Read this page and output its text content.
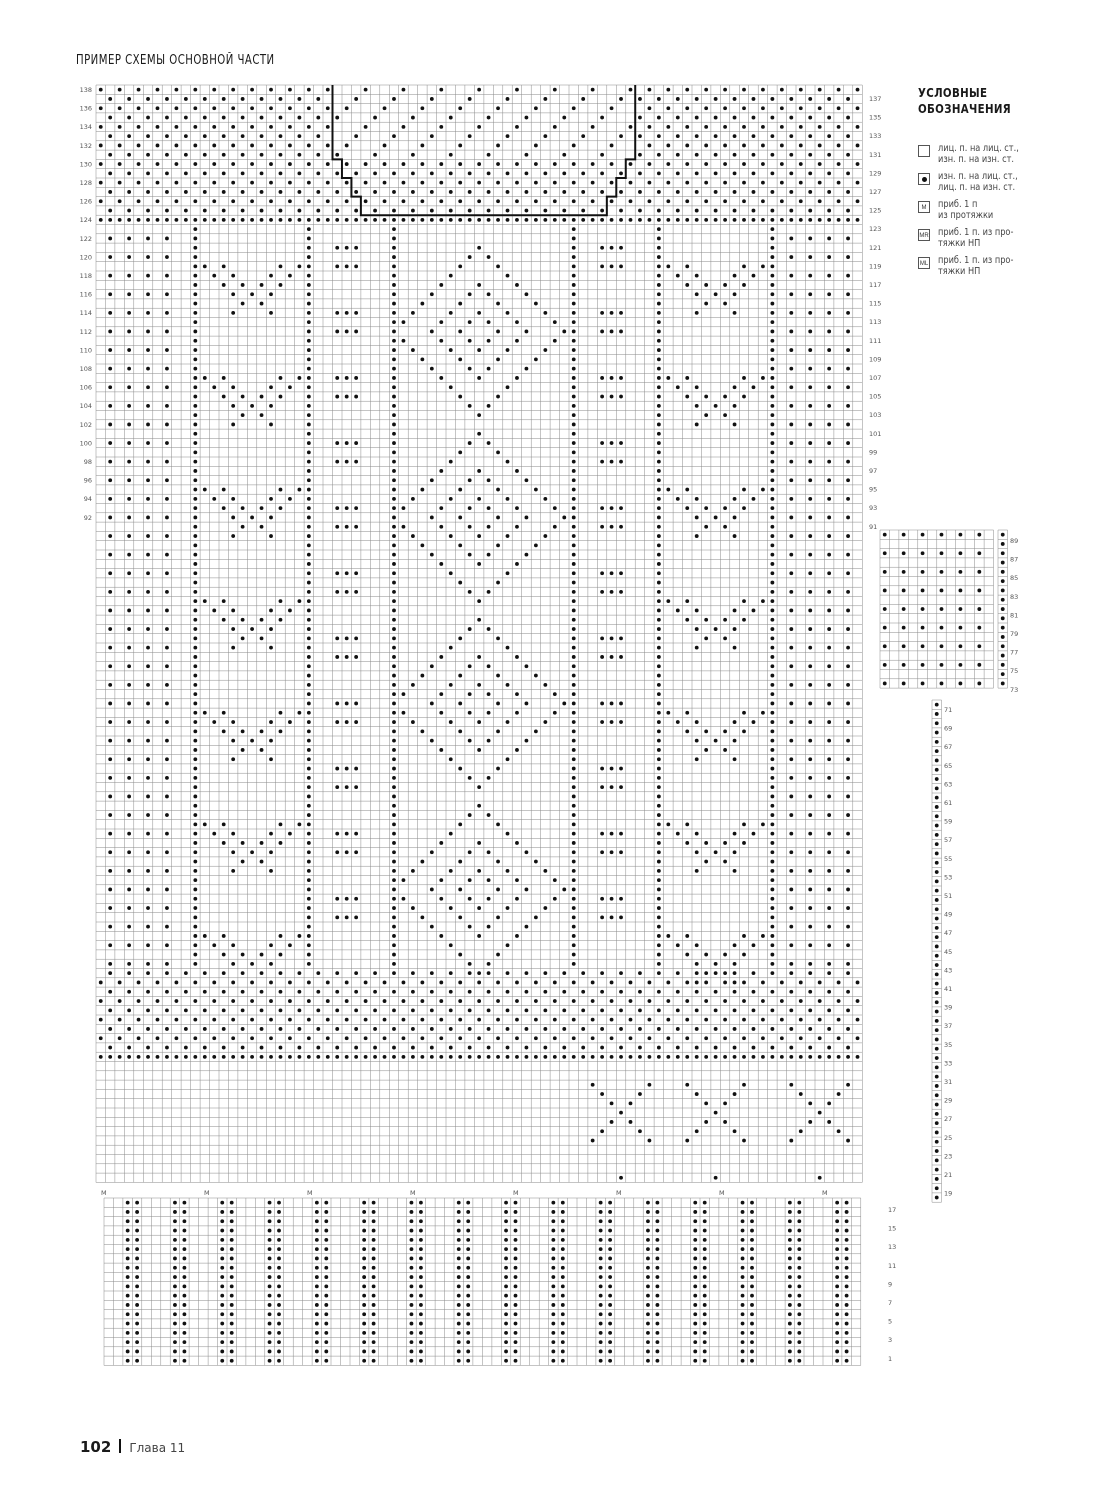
ПРИМЕР СХЕМЫ ОСНОВНОЙ ЧАСТИ
УСЛОВНЫЕ
ОБОЗНАЧЕНИЯ
лиц. п. на лиц. ст.,
изн. п. на изн. ст.
изн. п. на лиц. ст.,
лиц. п. на изн. ст.
M	приб. 1 п
из протяжки
MR приб. 1 п. из про-
тяжки НП
ML приб. 1 п. из про-
тяжки НП
138
136
134
132
130
128
126
124
122
120
118
116
114
112
110
108
106
104
102
100
98
96
94
92
137
135
133
131
129
127
125
123
121
119
117
115
113
111
109
107
105
103
101
99
97
95
93
91
89
87
85
83
81
79
77
75
73
71
69
67
65
63
61
59
57
55
53
51
49
47
45
43
41
39
37
35
33
31
29
27
25
23
21
19
17
15
13
11
9
7
5
3
1
M	M	M	M	M	M	M	M
102 Глава 11
